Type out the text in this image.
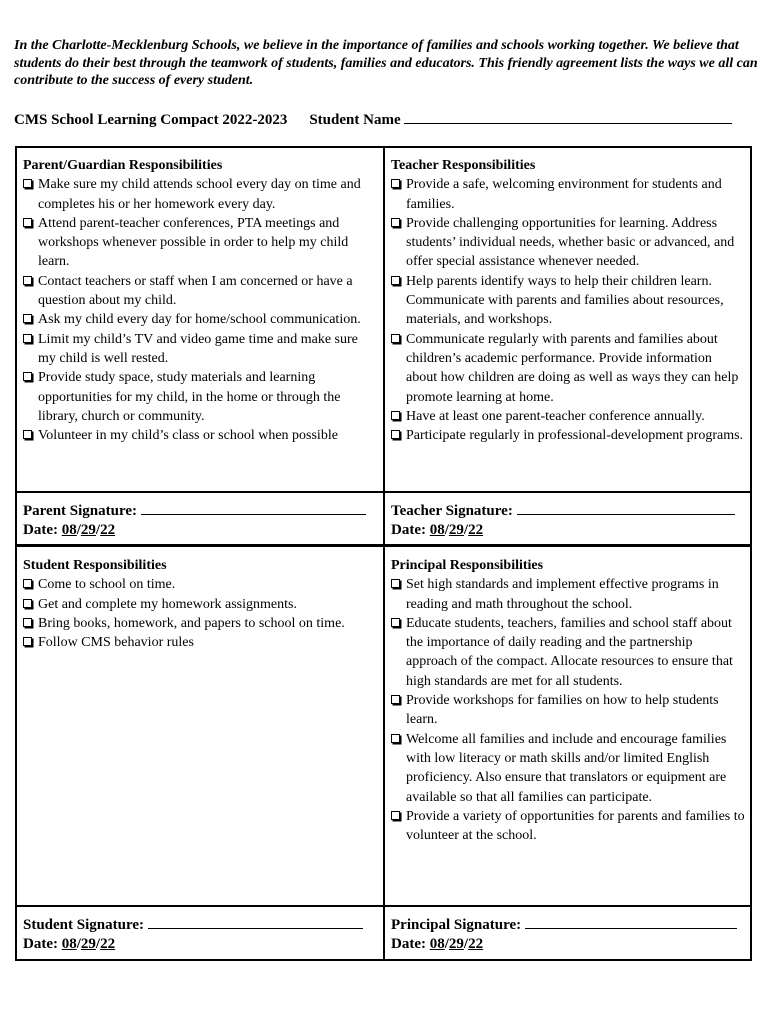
In the Charlotte-Mecklenburg Schools, we believe in the importance of families and schools working together. We believe that students do their best through the teamwork of students, families and educators. This friendly agreement lists the ways we all can contribute to the success of every student.
CMS School Learning Compact 2022-2023 Student Name
Parent/Guardian Responsibilities
Make sure my child attends school every day on time and completes his or her homework every day.
Attend parent-teacher conferences, PTA meetings and workshops whenever possible in order to help my child learn.
Contact teachers or staff when I am concerned or have a question about my child.
Ask my child every day for home/school communication.
Limit my child’s TV and video game time and make sure my child is well rested.
Provide study space, study materials and learning opportunities for my child, in the home or through the library, church or community.
Volunteer in my child’s class or school when possible
Teacher Responsibilities
Provide a safe, welcoming environment for students and families.
Provide challenging opportunities for learning. Address students’ individual needs, whether basic or advanced, and offer special assistance whenever needed.
Help parents identify ways to help their children learn. Communicate with parents and families about resources, materials, and workshops.
Communicate regularly with parents and families about children’s academic performance. Provide information about how children are doing as well as ways they can help promote learning at home.
Have at least one parent-teacher conference annually.
Participate regularly in professional-development programs.
Parent Signature:
Date: 08/29/22
Teacher Signature:
Date: 08/29/22
Student Responsibilities
Come to school on time.
Get and complete my homework assignments.
Bring books, homework, and papers to school on time.
Follow CMS behavior rules
Principal Responsibilities
Set high standards and implement effective programs in reading and math throughout the school.
Educate students, teachers, families and school staff about the importance of daily reading and the partnership approach of the compact. Allocate resources to ensure that high standards are met for all students.
Provide workshops for families on how to help students learn.
Welcome all families and include and encourage families with low literacy or math skills and/or limited English proficiency. Also ensure that translators or equipment are available so that all families can participate.
Provide a variety of opportunities for parents and families to volunteer at the school.
Student Signature:
Date: 08/29/22
Principal Signature:
Date: 08/29/22
